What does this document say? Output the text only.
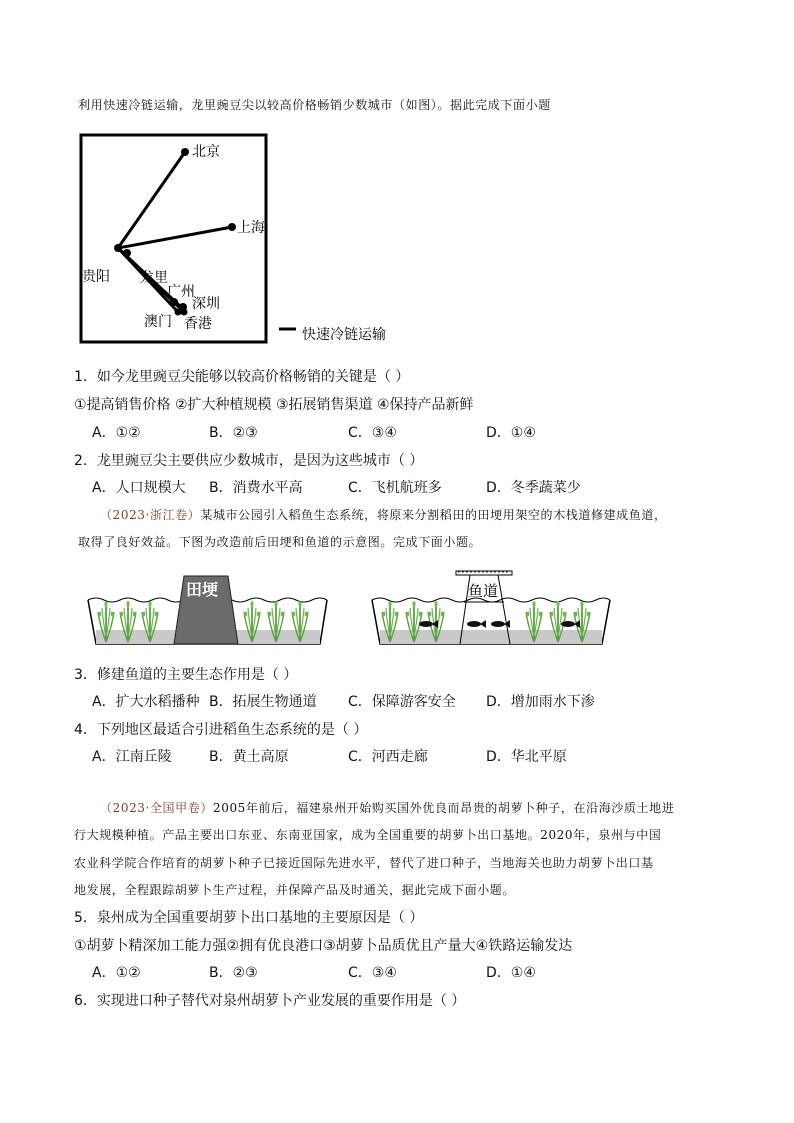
利用快速冷链运输，龙里豌豆尖以较高价格畅销少数城市（如图）。据此完成下面小题
北京
上海
贵阳 龙里
广州
深圳
澳门 香港
快速冷链运输
1．如今龙里豌豆尖能够以较高价格畅销的关键是（ ）
①提高销售价格 ②扩大种植规模 ③拓展销售渠道 ④保持产品新鲜
A．①②	B．②③	C．③④	D．①④
2．龙里豌豆尖主要供应少数城市，是因为这些城市（ ）
A．人口规模大 B．消费水平高	C．飞机航班多	D．冬季蔬菜少
（2023·浙江卷）某城市公园引入稻鱼生态系统，将原来分割稻田的田埂用架空的木栈道修建成鱼道，
取得了良好效益。下图为改造前后田埂和鱼道的示意图。完成下面小题。
田埂	鱼道
3．修建鱼道的主要生态作用是（ ）
A．扩大水稻播种 B．拓展生物通道 C．保障游客安全 D．增加雨水下渗
4．下列地区最适合引进稻鱼生态系统的是（ ）
A．江南丘陵	B．黄土高原	C．河西走廊	D．华北平原
（2023·全国甲卷）2005年前后，福建泉州开始购买国外优良而昂贵的胡萝卜种子，在沿海沙质土地进
行大规模种植。产品主要出口东亚、东南亚国家，成为全国重要的胡萝卜出口基地。2020年，泉州与中国
农业科学院合作培育的胡萝卜种子已接近国际先进水平，替代了进口种子，当地海关也助力胡萝卜出口基
地发展，全程跟踪胡萝卜生产过程，并保障产品及时通关，据此完成下面小题。
5．泉州成为全国重要胡萝卜出口基地的主要原因是（ ）
①胡萝卜精深加工能力强②拥有优良港口③胡萝卜品质优且产量大④铁路运输发达
A．①②	B．②③	C．③④	D．①④
6．实现进口种子替代对泉州胡萝卜产业发展的重要作用是（ ）
